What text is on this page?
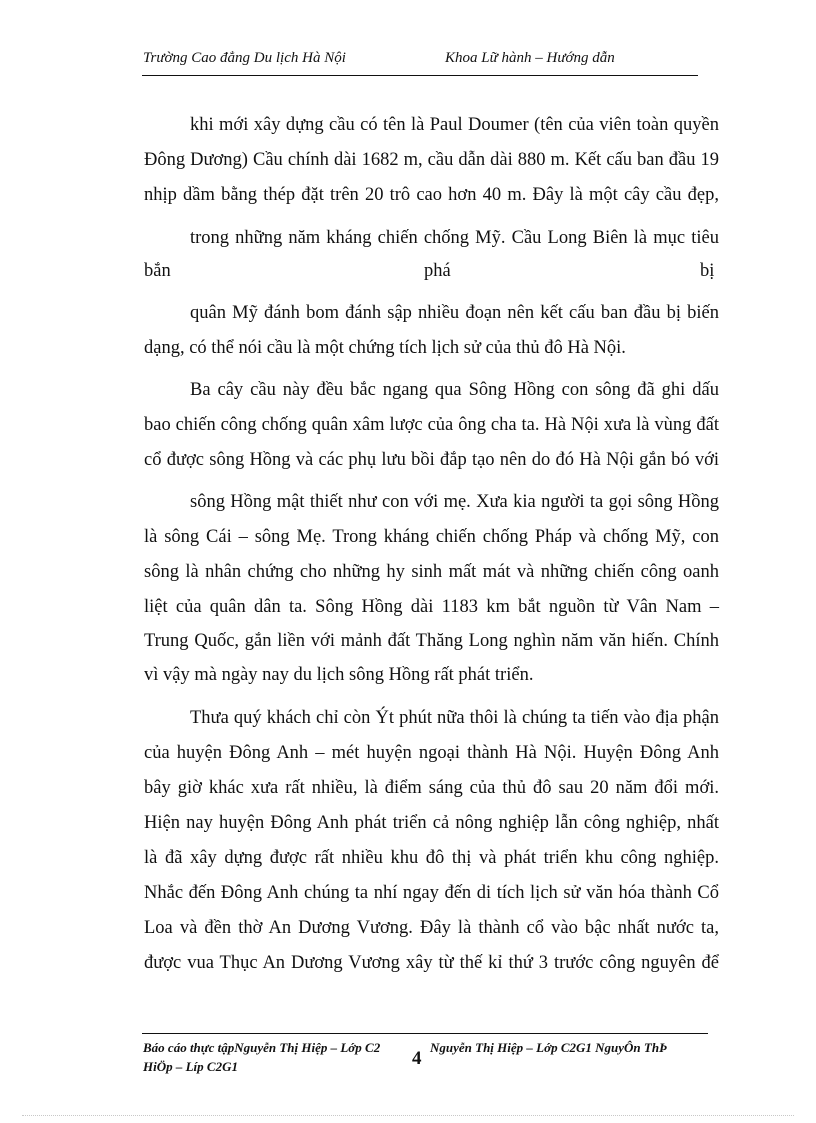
Trường Cao đẳng Du lịch Hà Nội	Khoa Lữ hành – Hướng dẫn
khi mới xây dựng cầu có tên là Paul Doumer (tên của viên toàn quyền
Đông Dương) Cầu chính dài 1682 m, cầu dẫn dài 880 m. Kết cấu ban đầu 19
nhịp dầm bằng thép đặt trên 20 trô cao hơn 40 m. Đây là một cây cầu đẹp,
trong những năm kháng chiến chống Mỹ. Cầu Long Biên là mục tiêu
bắn	phá	bị
quân Mỹ đánh bom đánh sập nhiều đoạn nên kết cấu ban đầu bị biến
dạng, có thể nói cầu là một chứng tích lịch sử của thủ đô Hà Nội.
Ba cây cầu này đều bắc ngang qua Sông Hồng con sông đã ghi dấu
bao chiến công chống quân xâm lược của ông cha ta. Hà Nội xưa là vùng đất
cổ được sông Hồng và các phụ lưu bồi đắp tạo nên do đó Hà Nội gắn bó với
sông Hồng mật thiết như con với mẹ. Xưa kia người ta gọi sông Hồng
là sông Cái – sông Mẹ. Trong kháng chiến chống Pháp và chống Mỹ, con
sông là nhân chứng cho những hy sinh mất mát và những chiến công oanh
liệt của quân dân ta. Sông Hồng dài 1183 km bắt nguồn từ Vân Nam –
Trung Quốc, gắn liền với mảnh đất Thăng Long nghìn năm văn hiến. Chính
vì vậy mà ngày nay du lịch sông Hồng rất phát triển.
Thưa quý khách chỉ còn Ýt phút nữa thôi là chúng ta tiến vào địa phận
của huyện Đông Anh – mét huyện ngoại thành Hà Nội. Huyện Đông Anh
bây giờ khác xưa rất nhiều, là điểm sáng của thủ đô sau 20 năm đổi mới.
Hiện nay huyện Đông Anh phát triển cả nông nghiệp lẫn công nghiệp, nhất
là đã xây dựng được rất nhiều khu đô thị và phát triển khu công nghiệp.
Nhắc đến Đông Anh chúng ta nhí ngay đến di tích lịch sử văn hóa thành Cổ
Loa và đền thờ An Dương Vương. Đây là thành cổ vào bậc nhất nước ta,
được vua Thục An Dương Vương xây từ thế kỉ thứ 3 trước công nguyên để
Báo cáo thực tậpNguyễn Thị Hiệp – Lớp C2	Nguyễn Thị Hiệp – Lớp C2G1 NguyÔn ThÞ
HiÖp – Líp C2G1	4
